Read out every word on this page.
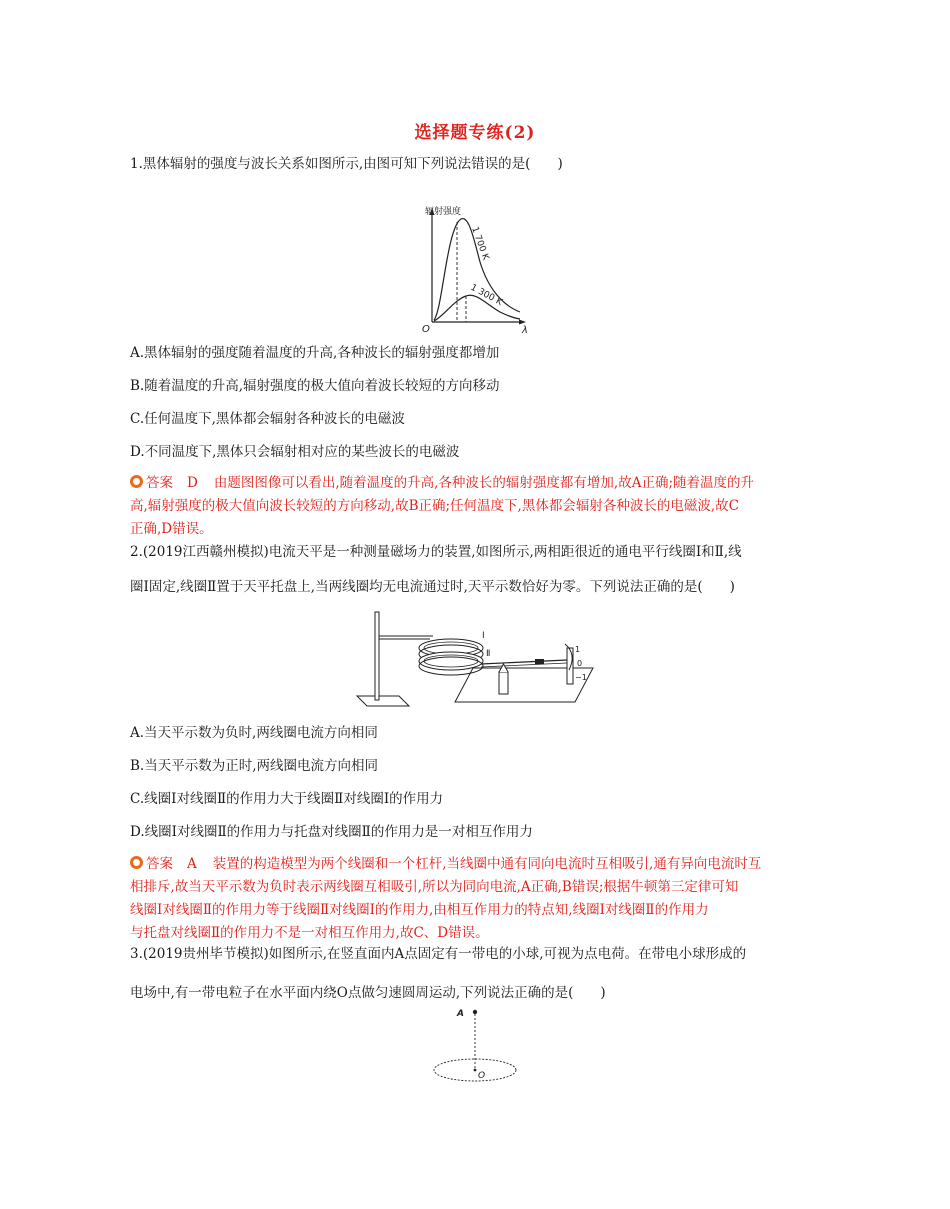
选择题专练(2)
1.黑体辐射的强度与波长关系如图所示,由图可知下列说法错误的是(　　)
辐射强度
λ
O
1 700 K
1 300 K
A.黑体辐射的强度随着温度的升高,各种波长的辐射强度都增加
B.随着温度的升高,辐射强度的极大值向着波长较短的方向移动
C.任何温度下,黑体都会辐射各种波长的电磁波
D.不同温度下,黑体只会辐射相对应的某些波长的电磁波
答案 D 由题图图像可以看出,随着温度的升高,各种波长的辐射强度都有增加,故A正确;随着温度的升
高,辐射强度的极大值向波长较短的方向移动,故B正确;任何温度下,黑体都会辐射各种波长的电磁波,故C
正确,D错误。
2.(2019江西赣州模拟)电流天平是一种测量磁场力的装置,如图所示,两相距很近的通电平行线圈Ⅰ和Ⅱ,线
圈Ⅰ固定,线圈Ⅱ置于天平托盘上,当两线圈均无电流通过时,天平示数恰好为零。下列说法正确的是(　　)
1
0
−1
Ⅰ
Ⅱ
A.当天平示数为负时,两线圈电流方向相同
B.当天平示数为正时,两线圈电流方向相同
C.线圈Ⅰ对线圈Ⅱ的作用力大于线圈Ⅱ对线圈Ⅰ的作用力
D.线圈Ⅰ对线圈Ⅱ的作用力与托盘对线圈Ⅱ的作用力是一对相互作用力
答案 A 装置的构造模型为两个线圈和一个杠杆,当线圈中通有同向电流时互相吸引,通有异向电流时互
相排斥,故当天平示数为负时表示两线圈互相吸引,所以为同向电流,A正确,B错误;根据牛顿第三定律可知
线圈Ⅰ对线圈Ⅱ的作用力等于线圈Ⅱ对线圈Ⅰ的作用力,由相互作用力的特点知,线圈Ⅰ对线圈Ⅱ的作用力
与托盘对线圈Ⅱ的作用力不是一对相互作用力,故C、D错误。
3.(2019贵州毕节模拟)如图所示,在竖直面内A点固定有一带电的小球,可视为点电荷。在带电小球形成的
电场中,有一带电粒子在水平面内绕O点做匀速圆周运动,下列说法正确的是(　　)
A
O
